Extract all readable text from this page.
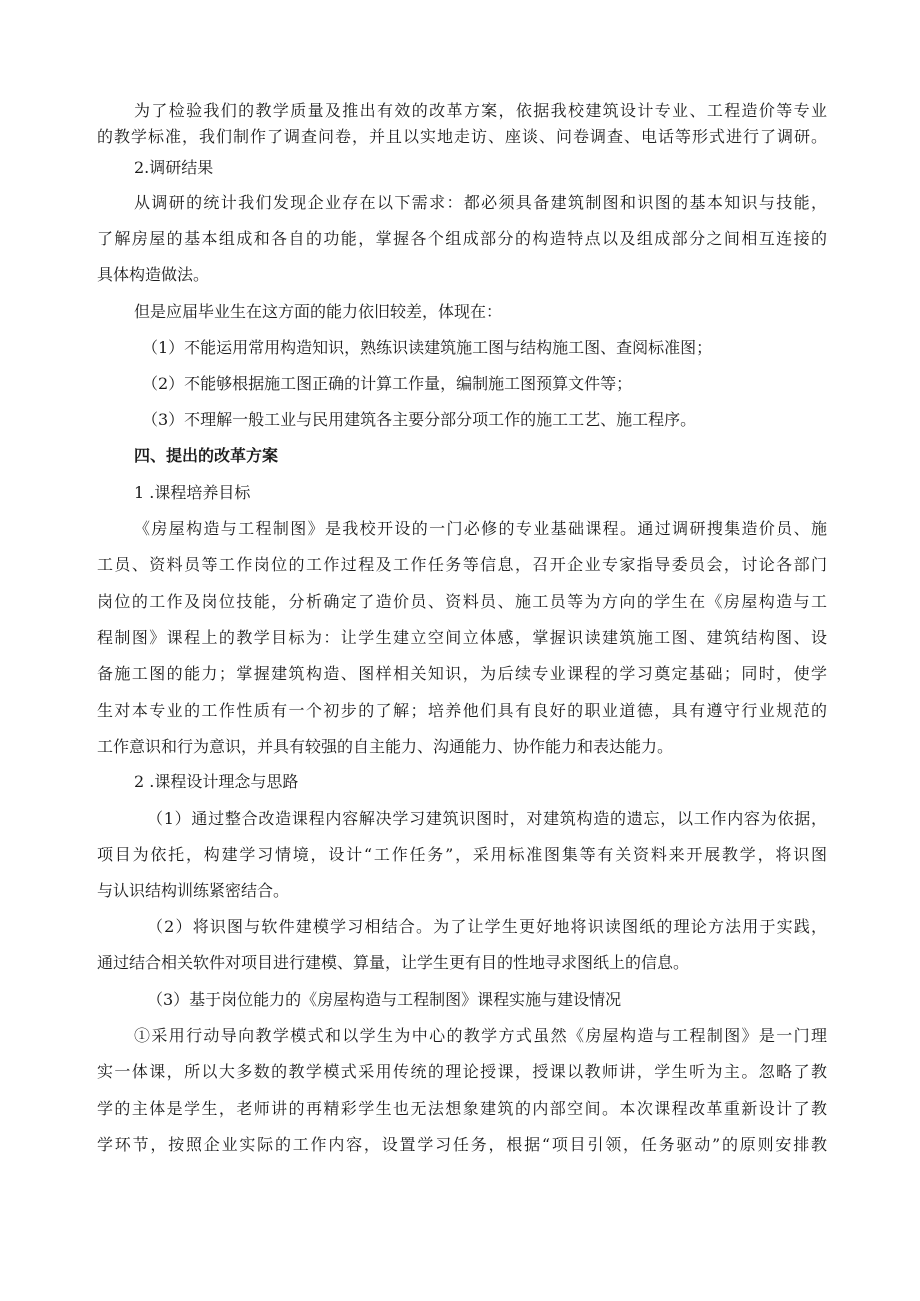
为了检验我们的教学质量及推出有效的改革方案，依据我校建筑设计专业、工程造价等专业
的教学标准，我们制作了调查问卷，并且以实地走访、座谈、问卷调查、电话等形式进行了调研。
2.调研结果
从调研的统计我们发现企业存在以下需求：都必须具备建筑制图和识图的基本知识与技能，
了解房屋的基本组成和各自的功能，掌握各个组成部分的构造特点以及组成部分之间相互连接的
具体构造做法。
但是应届毕业生在这方面的能力依旧较差，体现在：
（1）不能运用常用构造知识，熟练识读建筑施工图与结构施工图、查阅标准图；
（2）不能够根据施工图正确的计算工作量，编制施工图预算文件等；
（3）不理解一般工业与民用建筑各主要分部分项工作的施工工艺、施工程序。
四、提出的改革方案
1 .课程培养目标
《房屋构造与工程制图》是我校开设的一门必修的专业基础课程。通过调研搜集造价员、施
工员、资料员等工作岗位的工作过程及工作任务等信息，召开企业专家指导委员会，讨论各部门
岗位的工作及岗位技能，分析确定了造价员、资料员、施工员等为方向的学生在《房屋构造与工
程制图》课程上的教学目标为：让学生建立空间立体感，掌握识读建筑施工图、建筑结构图、设
备施工图的能力；掌握建筑构造、图样相关知识，为后续专业课程的学习奠定基础；同时，使学
生对本专业的工作性质有一个初步的了解；培养他们具有良好的职业道德，具有遵守行业规范的
工作意识和行为意识，并具有较强的自主能力、沟通能力、协作能力和表达能力。
2 .课程设计理念与思路
（1）通过整合改造课程内容解决学习建筑识图时，对建筑构造的遗忘，以工作内容为依据，
项目为依托，构建学习情境，设计“工作任务”，采用标准图集等有关资料来开展教学，将识图
与认识结构训练紧密结合。
（2）将识图与软件建模学习相结合。为了让学生更好地将识读图纸的理论方法用于实践，
通过结合相关软件对项目进行建模、算量，让学生更有目的性地寻求图纸上的信息。
（3）基于岗位能力的《房屋构造与工程制图》课程实施与建设情况
①采用行动导向教学模式和以学生为中心的教学方式虽然《房屋构造与工程制图》是一门理
实一体课，所以大多数的教学模式采用传统的理论授课，授课以教师讲，学生听为主。忽略了教
学的主体是学生，老师讲的再精彩学生也无法想象建筑的内部空间。本次课程改革重新设计了教
学环节，按照企业实际的工作内容，设置学习任务，根据“项目引领，任务驱动”的原则安排教
